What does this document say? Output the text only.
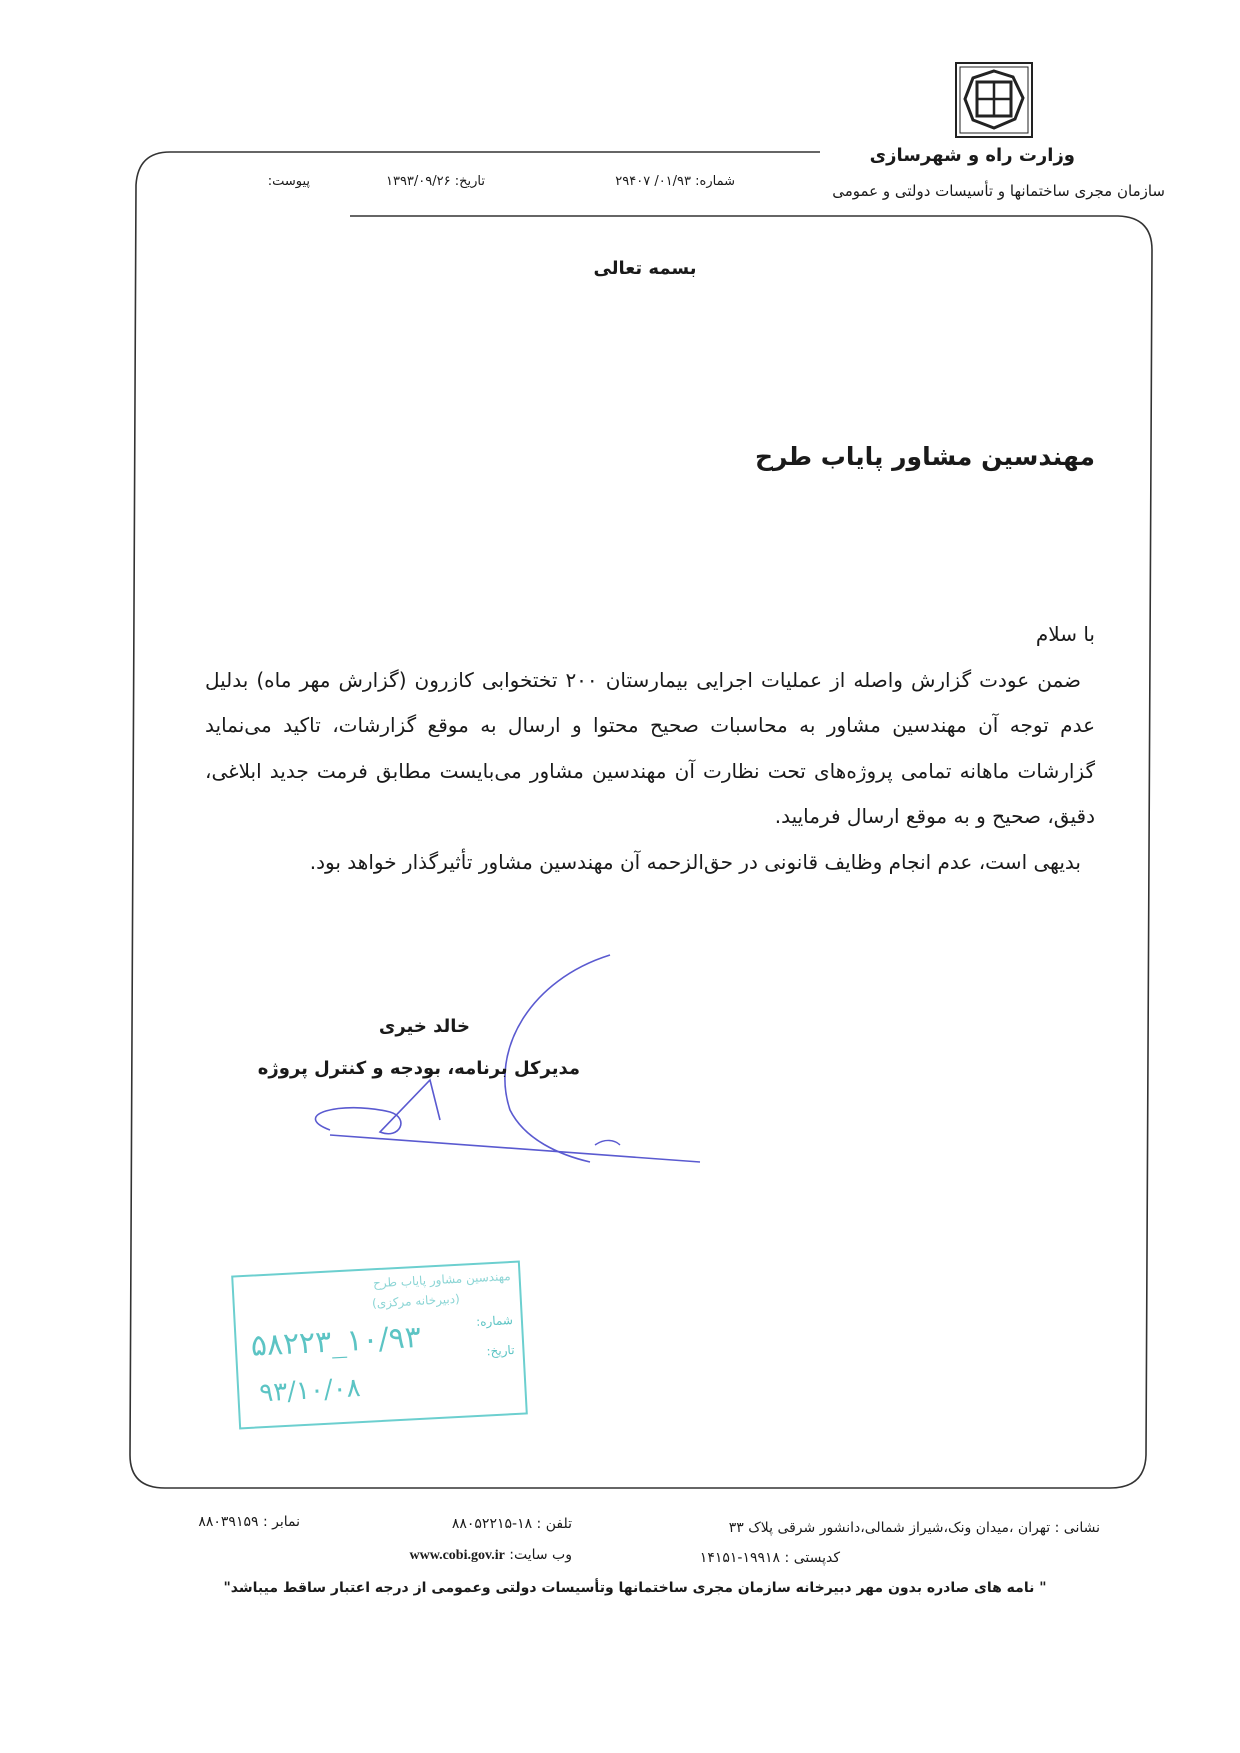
وزارت راه و شهرسازی
سازمان مجری ساختمانها و تأسیسات دولتی و عمومی
شماره: ۰۱/۹۳/ ۲۹۴۰۷
تاریخ: ۱۳۹۳/۰۹/۲۶
پیوست:
بسمه تعالی
مهندسین مشاور پایاب طرح

با سلام

ضمن عودت گزارش واصله از عملیات اجرایی بیمارستان ۲۰۰ تختخوابی کازرون (گزارش مهر ماه) بدلیل عدم توجه آن مهندسین مشاور به محاسبات صحیح محتوا و ارسال به موقع گزارشات، تاکید می‌نماید گزارشات ماهانه تمامی پروژه‌های تحت نظارت آن مهندسین مشاور می‌بایست مطابق فرمت جدید ابلاغی، دقیق، صحیح و به موقع ارسال فرمایید.

بدیهی است، عدم انجام وظایف قانونی در حق‌الزحمه آن مهندسین مشاور تأثیرگذار خواهد بود.

خالد خیری
مدیرکل برنامه، بودجه و کنترل پروژه
مهندسین مشاور پایاب طرح
(دبیرخانه مرکزی)
شماره:
تاریخ:
۱۰/۹۳_۵۸۲۲۳
۹۳/۱۰/۰۸
نشانی : تهران ،میدان ونک،شیراز شمالی،دانشور شرقی پلاک ۳۳
تلفن : ۱۸-۸۸۰۵۲۲۱۵
نمابر : ۸۸۰۳۹۱۵۹
کدپستی : ۱۹۹۱۸-۱۴۱۵۱
وب سایت: www.cobi.gov.ir
" نامه های صادره بدون مهر دبیرخانه سازمان مجری ساختمانها وتأسیسات دولتی وعمومی از درجه اعتبار ساقط میباشد"
